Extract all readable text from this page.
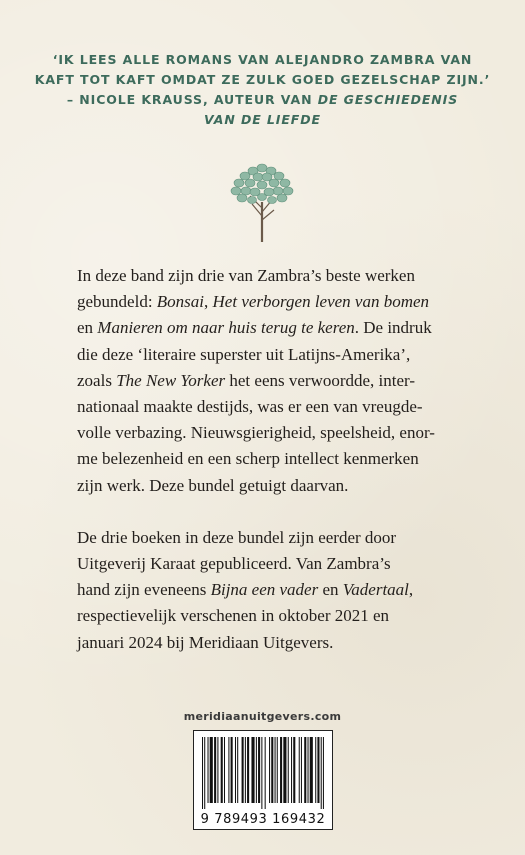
‘IK LEES ALLE ROMANS VAN ALEJANDRO ZAMBRA VAN
KAFT TOT KAFT OMDAT ZE ZULK GOED GEZELSCHAP ZIJN.’
– NICOLE KRAUSS, AUTEUR VAN DE GESCHIEDENIS
VAN DE LIEFDE
In deze band zijn drie van Zambra’s beste werken
gebundeld: Bonsai, Het verborgen leven van bomen
en Manieren om naar huis terug te keren. De indruk
die deze ‘literaire superster uit Latijns-Amerika’,
zoals The New Yorker het eens verwoordde, inter-
nationaal maakte destijds, was er een van vreugde-
volle verbazing. Nieuwsgierigheid, speelsheid, enor-
me belezenheid en een scherp intellect kenmerken
zijn werk. Deze bundel getuigt daarvan.
De drie boeken in deze bundel zijn eerder door
Uitgeverij Karaat gepubliceerd. Van Zambra’s
hand zijn eveneens Bijna een vader en Vadertaal,
respectievelijk verschenen in oktober 2021 en
januari 2024 bij Meridiaan Uitgevers.
meridiaanuitgevers.com
9 789493 169432
